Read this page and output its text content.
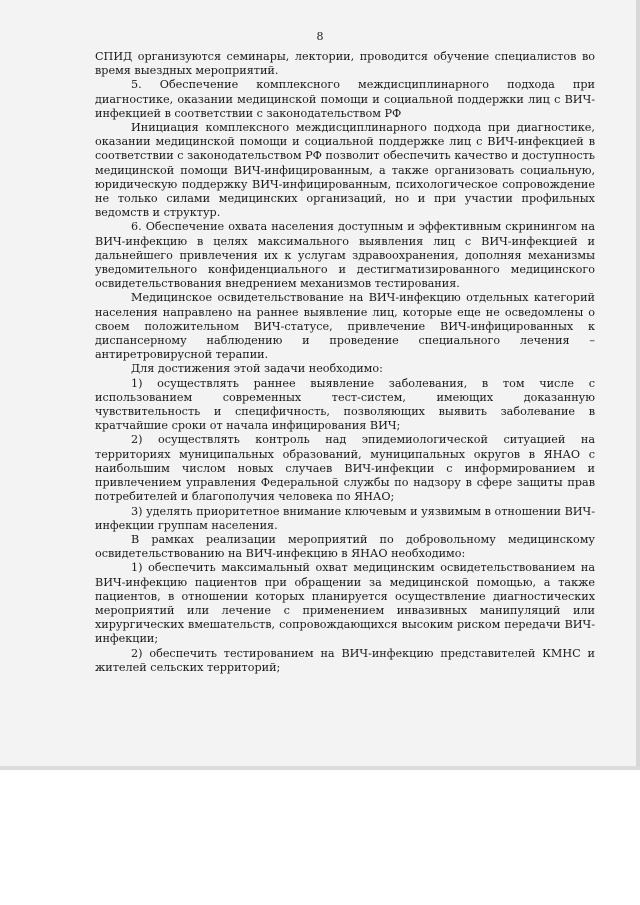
8

СПИД организуются семинары, лектории, проводится обучение специалистов во время выездных мероприятий.

5. Обеспечение комплексного междисциплинарного подхода при диагностике, оказании медицинской помощи и социальной поддержки лиц с ВИЧ-инфекцией в соответствии с законодательством РФ

Инициация комплексного междисциплинарного подхода при диагностике, оказании медицинской помощи и социальной поддержке лиц с ВИЧ-инфекцией в соответствии с законодательством РФ позволит обеспечить качество и доступность медицинской помощи ВИЧ-инфицированным, а также организовать социальную, юридическую поддержку ВИЧ-инфицированным, психологическое сопровождение не только силами медицинских организаций, но и при участии профильных ведомств и структур.

6. Обеспечение охвата населения доступным и эффективным скринингом на ВИЧ-инфекцию в целях максимального выявления лиц с ВИЧ-инфекцией и дальнейшего привлечения их к услугам здравоохранения, дополняя механизмы уведомительного конфиденциального и дестигматизированного медицинского освидетельствования внедрением механизмов тестирования.

Медицинское освидетельствование на ВИЧ-инфекцию отдельных категорий населения направлено на раннее выявление лиц, которые еще не осведомлены о своем положительном ВИЧ-статусе, привлечение ВИЧ-инфицированных к диспансерному наблюдению и проведение специального лечения – антиретровирусной терапии.

Для достижения этой задачи необходимо:

1) осуществлять раннее выявление заболевания, в том числе с использованием современных тест-систем, имеющих доказанную чувствительность и специфичность, позволяющих выявить заболевание в кратчайшие сроки от начала инфицирования ВИЧ;

2) осуществлять контроль над эпидемиологической ситуацией на территориях муниципальных образований, муниципальных округов в ЯНАО с наибольшим числом новых случаев ВИЧ-инфекции с информированием и привлечением управления Федеральной службы по надзору в сфере защиты прав потребителей и благополучия человека по ЯНАО;

3) уделять приоритетное внимание ключевым и уязвимым в отношении ВИЧ-инфекции группам населения.

В рамках реализации мероприятий по добровольному медицинскому освидетельствованию на ВИЧ-инфекцию в ЯНАО необходимо:

1) обеспечить максимальный охват медицинским освидетельствованием на ВИЧ-инфекцию пациентов при обращении за медицинской помощью, а также пациентов, в отношении которых планируется осуществление диагностических мероприятий или лечение с применением инвазивных манипуляций или хирургических вмешательств, сопровождающихся высоким риском передачи ВИЧ-инфекции;

2) обеспечить тестированием на ВИЧ-инфекцию представителей КМНС и жителей сельских территорий;
